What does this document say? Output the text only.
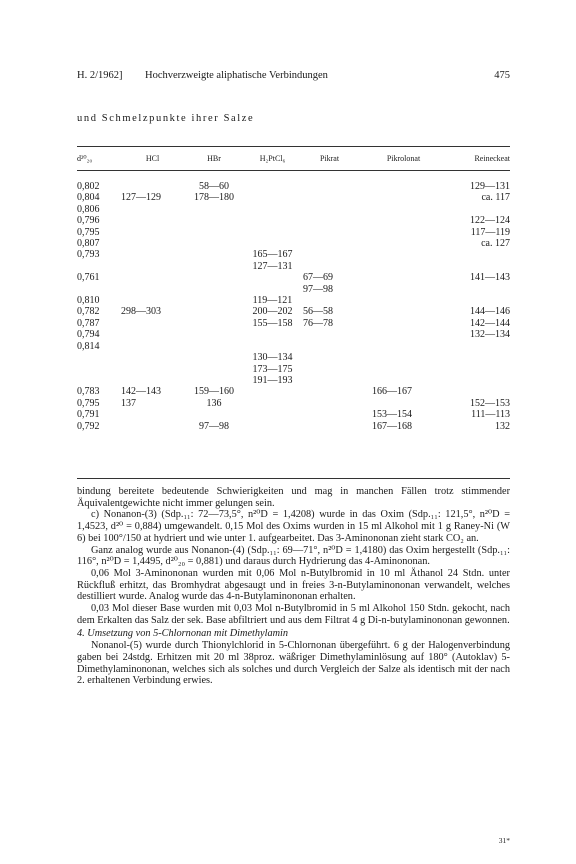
H. 2/1962] Hochverzweigte aliphatische Verbindungen	475
und Schmelzpunkte ihrer Salze
d²⁰₂₀	HCl	HBr	H₂PtCl₆	Pikrat	Pikrolonat	Reineckeat
0,802		58—60				129—131
0,804	127—129	178—180				ca. 117
0,806						
0,796						122—124
0,795						117—119
0,807						ca. 127
0,793			165—167			
			127—131			
0,761				67—69		141—143
				97—98		
0,810			119—121			
0,782	298—303		200—202	56—58		144—146
0,787			155—158	76—78		142—144
0,794						132—134
0,814						
			130—134			
			173—175			
			191—193			
0,783	142—143	159—160			166—167	
0,795	137	136				152—153
0,791					153—154	111—113
0,792		97—98			167—168	132

bindung bereitete bedeutende Schwierigkeiten und mag in manchen Fällen trotz stimmender Äquivalentgewichte nicht immer gelungen sein.

c) Nonanon-(3) (Sdp.₁₁: 72—73,5°, n²⁰D = 1,4208) wurde in das Oxim (Sdp.₁₁: 121,5°, n²⁰D = 1,4523, d²⁰ = 0,884) umgewandelt. 0,15 Mol des Oxims wurden in 15 ml Alkohol mit 1 g Raney-Ni (W 6) bei 100°/150 at hydriert und wie unter 1. aufgearbeitet. Das 3-Aminononan zieht stark CO₂ an.

Ganz analog wurde aus Nonanon-(4) (Sdp.₁₁: 69—71°, n²⁰D = 1,4180) das Oxim hergestellt (Sdp.₁₁: 116°, n²⁰D = 1,4495, d²⁰₂₀ = 0,881) und daraus durch Hydrierung das 4-Aminononan.

0,06 Mol 3-Aminononan wurden mit 0,06 Mol n-Butylbromid in 10 ml Äthanol 24 Stdn. unter Rückfluß erhitzt, das Bromhydrat abgesaugt und in freies 3-n-Butylaminononan verwandelt, welches destilliert wurde. Analog wurde das 4-n-Butylaminononan erhalten.

0,03 Mol dieser Base wurden mit 0,03 Mol n-Butylbromid in 5 ml Alkohol 150 Stdn. gekocht, nach dem Erkalten das Salz der sek. Base abfiltriert und aus dem Filtrat 4 g Di-n-butylaminononan gewonnen.

4. Umsetzung von 5-Chlornonan mit Dimethylamin

Nonanol-(5) wurde durch Thionylchlorid in 5-Chlornonan übergeführt. 6 g der Halogenverbindung gaben bei 24stdg. Erhitzen mit 20 ml 38proz. wäßriger Dimethylaminlösung auf 180° (Autoklav) 5-Dimethylaminononan, welches sich als solches und durch Vergleich der Salze als identisch mit der nach 2. erhaltenen Verbindung erwies.

31*
